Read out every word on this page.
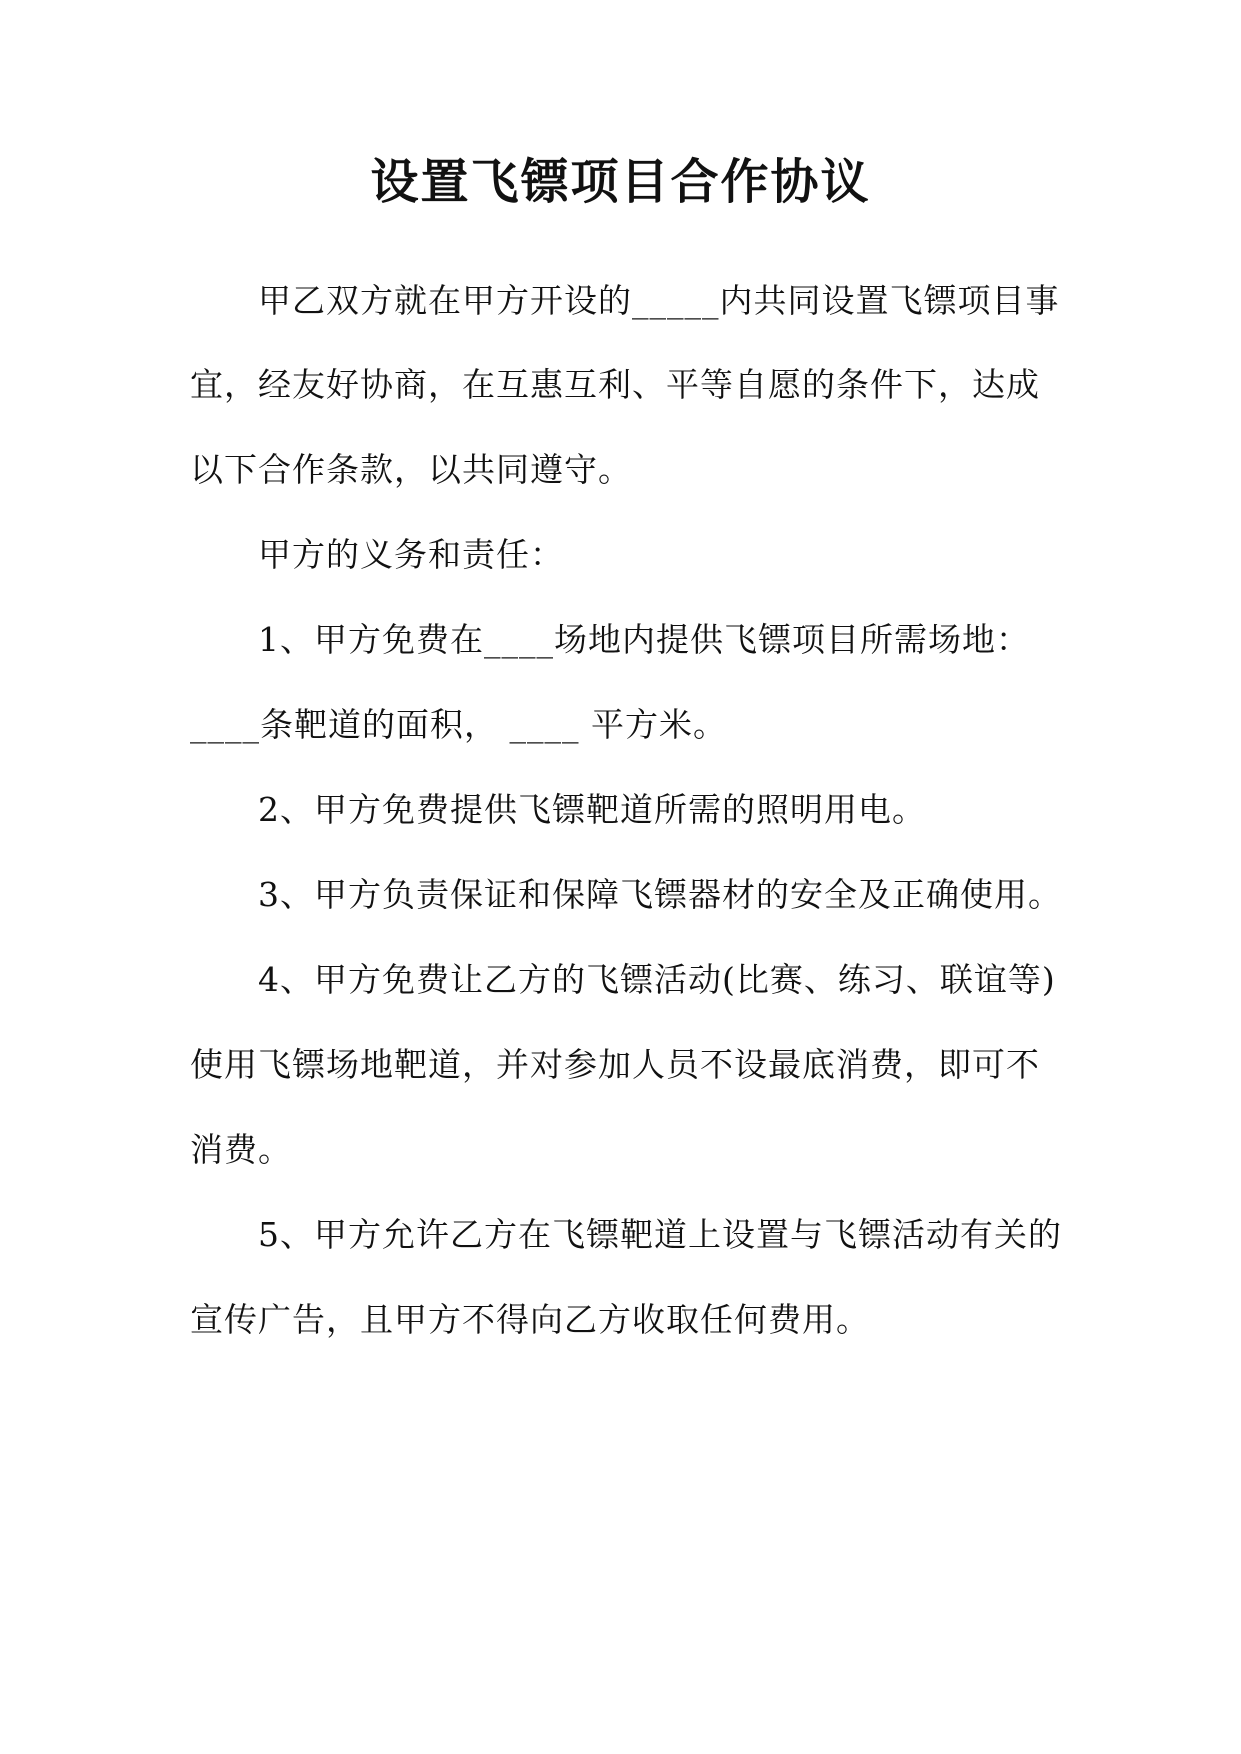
设置飞镖项目合作协议
甲乙双方就在甲方开设的_____内共同设置飞镖项目事
宜，经友好协商，在互惠互利、平等自愿的条件下，达成
以下合作条款，以共同遵守。
甲方的义务和责任：
1、甲方免费在____场地内提供飞镖项目所需场地：
____条靶道的面积， ____ 平方米。
2、甲方免费提供飞镖靶道所需的照明用电。
3、甲方负责保证和保障飞镖器材的安全及正确使用。
4、甲方免费让乙方的飞镖活动(比赛、练习、联谊等)
使用飞镖场地靶道，并对参加人员不设最底消费，即可不
消费。
5、甲方允许乙方在飞镖靶道上设置与飞镖活动有关的
宣传广告，且甲方不得向乙方收取任何费用。
